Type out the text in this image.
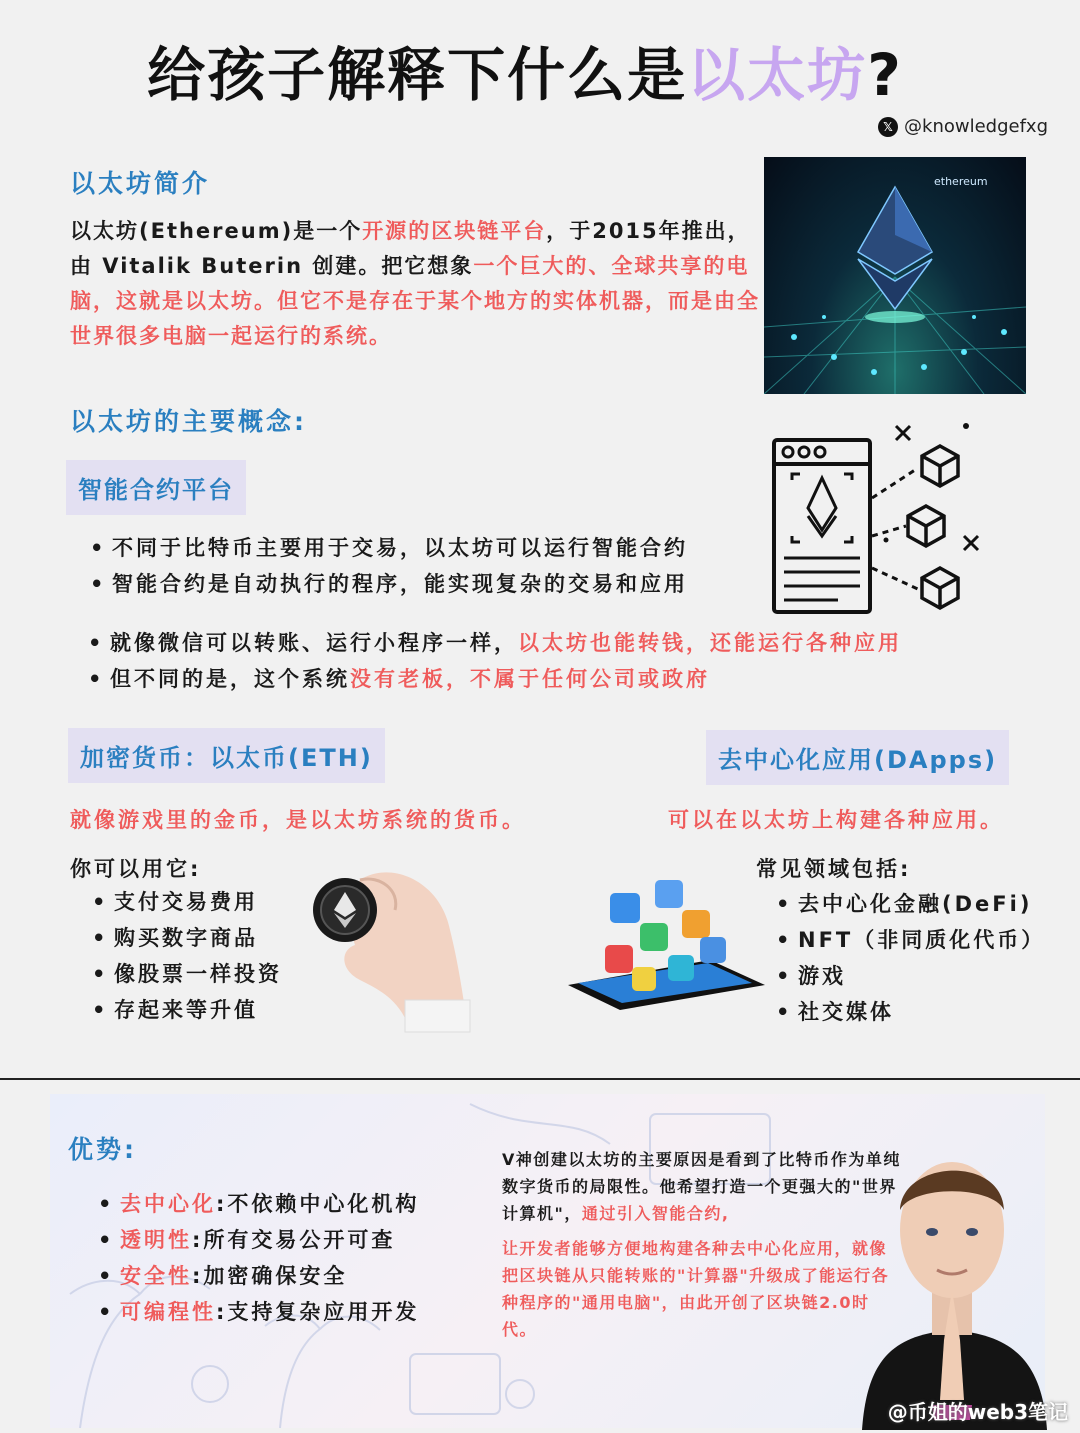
给孩子解释下什么是以太坊?
𝕏 @knowledgefxg
以太坊简介
以太坊(Ethereum)是一个开源的区块链平台，于2015年推出，由 Vitalik Buterin 创建。把它想象一个巨大的、全球共享的电脑，这就是以太坊。但它不是存在于某个地方的实体机器，而是由全世界很多电脑一起运行的系统。
ethereum
以太坊的主要概念:
智能合约平台
• 不同于比特币主要用于交易，以太坊可以运行智能合约
• 智能合约是自动执行的程序，能实现复杂的交易和应用
• 就像微信可以转账、运行小程序一样，以太坊也能转钱，还能运行各种应用
• 但不同的是，这个系统没有老板，不属于任何公司或政府
加密货币：以太币(ETH)
就像游戏里的金币，是以太坊系统的货币。
你可以用它:
• 支付交易费用
• 购买数字商品
• 像股票一样投资
• 存起来等升值
去中心化应用(DApps)
可以在以太坊上构建各种应用。
常见领域包括:
• 去中心化金融(DeFi)
• NFT（非同质化代币）
• 游戏
• 社交媒体
优势:
• 去中心化:不依赖中心化机构
• 透明性:所有交易公开可查
• 安全性:加密确保安全
• 可编程性:支持复杂应用开发
V神创建以太坊的主要原因是看到了比特币作为单纯数字货币的局限性。他希望打造一个更强大的"世界计算机"，通过引入智能合约,

让开发者能够方便地构建各种去中心化应用，就像把区块链从只能转账的"计算器"升级成了能运行各种程序的"通用电脑"，由此开创了区块链2.0时代。
@币姐的web3笔记
